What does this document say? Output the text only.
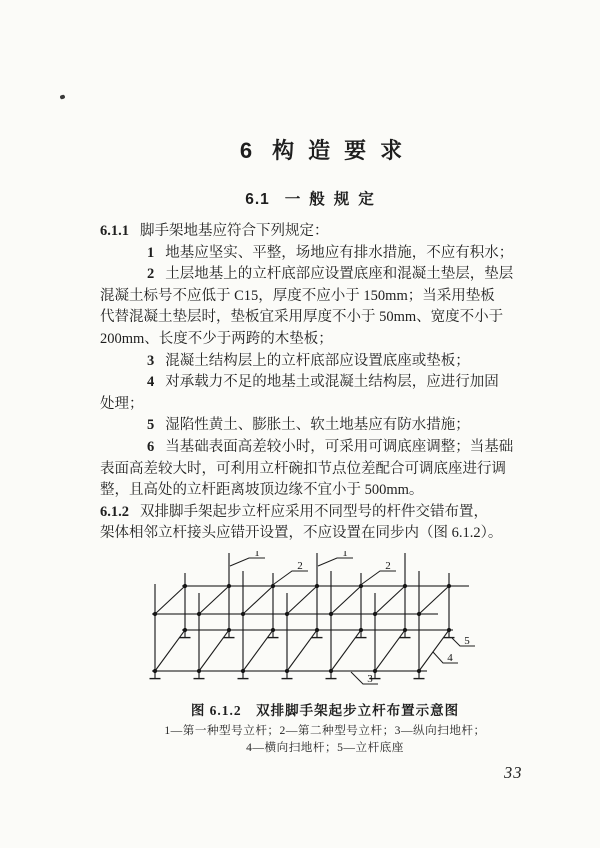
6 构造要求
6.1 一般规定
6.1.1 脚手架地基应符合下列规定：
1 地基应坚实、平整，场地应有排水措施，不应有积水；
2 土层地基上的立杆底部应设置底座和混凝土垫层，垫层
混凝土标号不应低于 C15，厚度不应小于 150mm；当采用垫板
代替混凝土垫层时，垫板宜采用厚度不小于 50mm、宽度不小于
200mm、长度不少于两跨的木垫板；
3 混凝土结构层上的立杆底部应设置底座或垫板；
4 对承载力不足的地基土或混凝土结构层，应进行加固
处理；
5 湿陷性黄土、膨胀土、软土地基应有防水措施；
6 当基础表面高差较小时，可采用可调底座调整；当基础
表面高差较大时，可利用立杆碗扣节点位差配合可调底座进行调
整，且高处的立杆距离坡顶边缘不宜小于 500mm。
6.1.2 双排脚手架起步立杆应采用不同型号的杆件交错布置，
架体相邻立杆接头应错开设置，不应设置在同步内（图 6.1.2）。
1	1
2	2
3
4
5
图 6.1.2　双排脚手架起步立杆布置示意图
1—第一种型号立杆；2—第二种型号立杆；3—纵向扫地杆；
4—横向扫地杆；5—立杆底座
33
